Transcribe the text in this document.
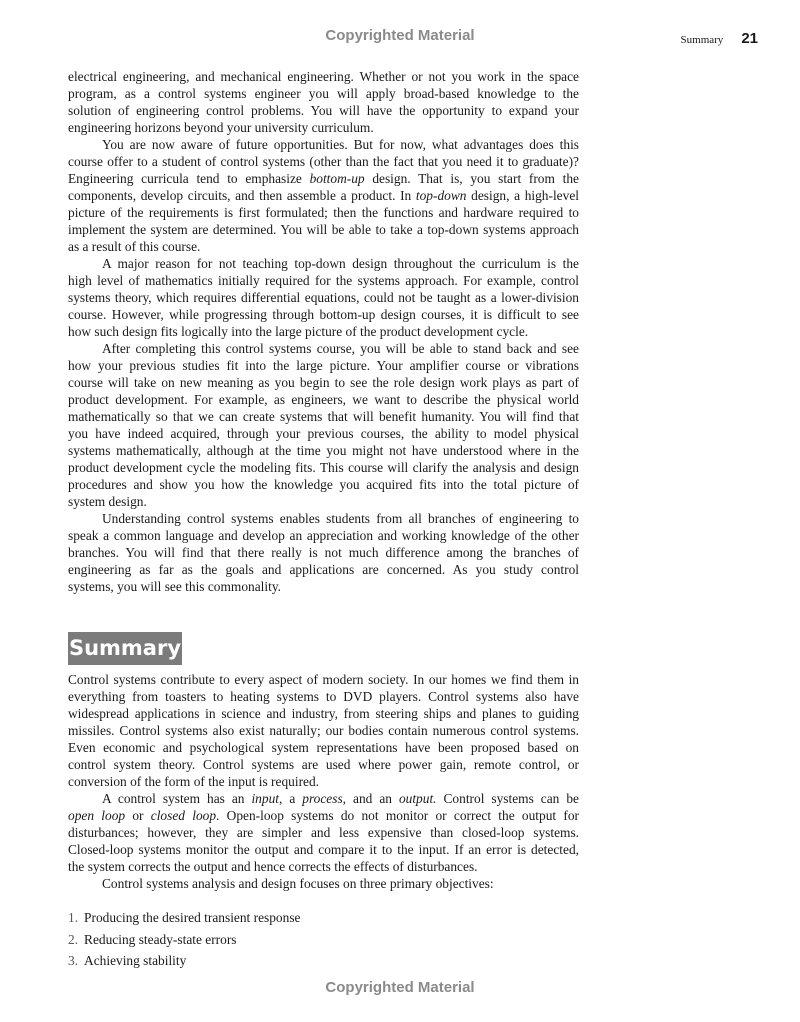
Copyrighted Material	Summary 21
electrical engineering, and mechanical engineering. Whether or not you work in the space
program, as a control systems engineer you will apply broad-based knowledge to the
solution of engineering control problems. You will have the opportunity to expand your
engineering horizons beyond your university curriculum.
You are now aware of future opportunities. But for now, what advantages does this
course offer to a student of control systems (other than the fact that you need it to graduate)?
Engineering curricula tend to emphasize bottom-up design. That is, you start from the
components, develop circuits, and then assemble a product. In top-down design, a high-level
picture of the requirements is first formulated; then the functions and hardware required to
implement the system are determined. You will be able to take a top-down systems approach
as a result of this course.
A major reason for not teaching top-down design throughout the curriculum is the
high level of mathematics initially required for the systems approach. For example, control
systems theory, which requires differential equations, could not be taught as a lower-division
course. However, while progressing through bottom-up design courses, it is difficult to see
how such design fits logically into the large picture of the product development cycle.
After completing this control systems course, you will be able to stand back and see
how your previous studies fit into the large picture. Your amplifier course or vibrations
course will take on new meaning as you begin to see the role design work plays as part of
product development. For example, as engineers, we want to describe the physical world
mathematically so that we can create systems that will benefit humanity. You will find that
you have indeed acquired, through your previous courses, the ability to model physical
systems mathematically, although at the time you might not have understood where in the
product development cycle the modeling fits. This course will clarify the analysis and design
procedures and show you how the knowledge you acquired fits into the total picture of
system design.
Understanding control systems enables students from all branches of engineering to
speak a common language and develop an appreciation and working knowledge of the other
branches. You will find that there really is not much difference among the branches of
engineering as far as the goals and applications are concerned. As you study control
systems, you will see this commonality.
Summary
Control systems contribute to every aspect of modern society. In our homes we find them in
everything from toasters to heating systems to DVD players. Control systems also have
widespread applications in science and industry, from steering ships and planes to guiding
missiles. Control systems also exist naturally; our bodies contain numerous control systems.
Even economic and psychological system representations have been proposed based on
control system theory. Control systems are used where power gain, remote control, or
conversion of the form of the input is required.
A control system has an input, a process, and an output. Control systems can be
open loop or closed loop. Open-loop systems do not monitor or correct the output for
disturbances; however, they are simpler and less expensive than closed-loop systems.
Closed-loop systems monitor the output and compare it to the input. If an error is detected,
the system corrects the output and hence corrects the effects of disturbances.
Control systems analysis and design focuses on three primary objectives:
1. Producing the desired transient response
2. Reducing steady-state errors
3. Achieving stability
Copyrighted Material
